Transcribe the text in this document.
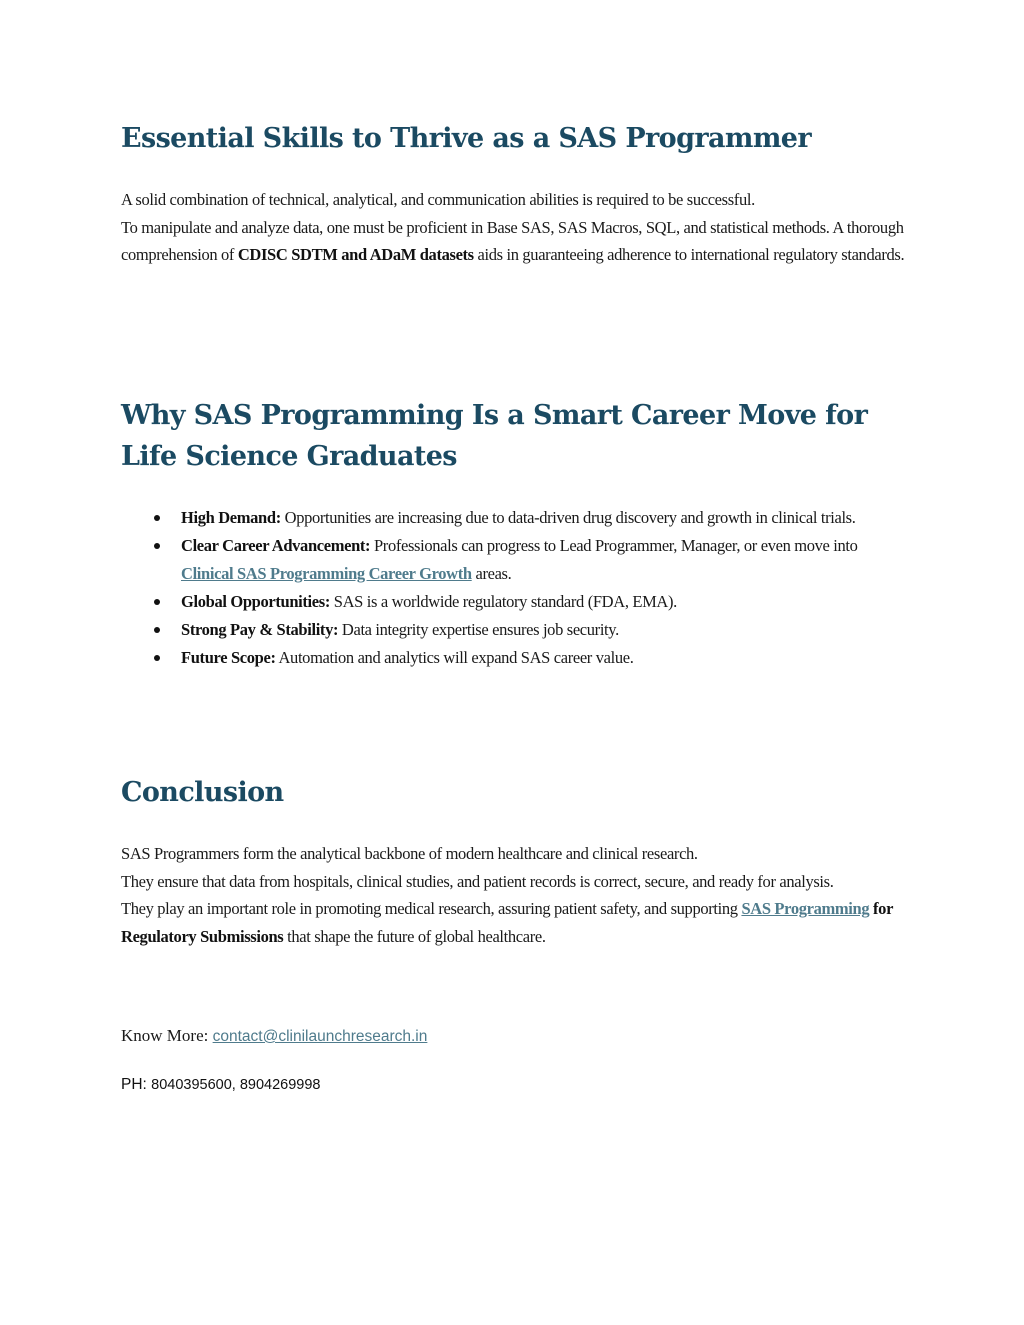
Essential Skills to Thrive as a SAS Programmer

A solid combination of technical, analytical, and communication abilities is required to be successful.
To manipulate and analyze data, one must be proficient in Base SAS, SAS Macros, SQL, and statistical methods. A thorough comprehension of CDISC SDTM and ADaM datasets aids in guaranteeing adherence to international regulatory standards.

Why SAS Programming Is a Smart Career Move for Life Science Graduates
High Demand: Opportunities are increasing due to data-driven drug discovery and growth in clinical trials.
Clear Career Advancement: Professionals can progress to Lead Programmer, Manager, or even move into Clinical SAS Programming Career Growth areas.
Global Opportunities: SAS is a worldwide regulatory standard (FDA, EMA).
Strong Pay & Stability: Data integrity expertise ensures job security.
Future Scope: Automation and analytics will expand SAS career value.
Conclusion

SAS Programmers form the analytical backbone of modern healthcare and clinical research.
They ensure that data from hospitals, clinical studies, and patient records is correct, secure, and ready for analysis.
They play an important role in promoting medical research, assuring patient safety, and supporting SAS Programming for Regulatory Submissions that shape the future of global healthcare.

Know More: contact@clinilaunchresearch.in
PH: 8040395600, 8904269998
